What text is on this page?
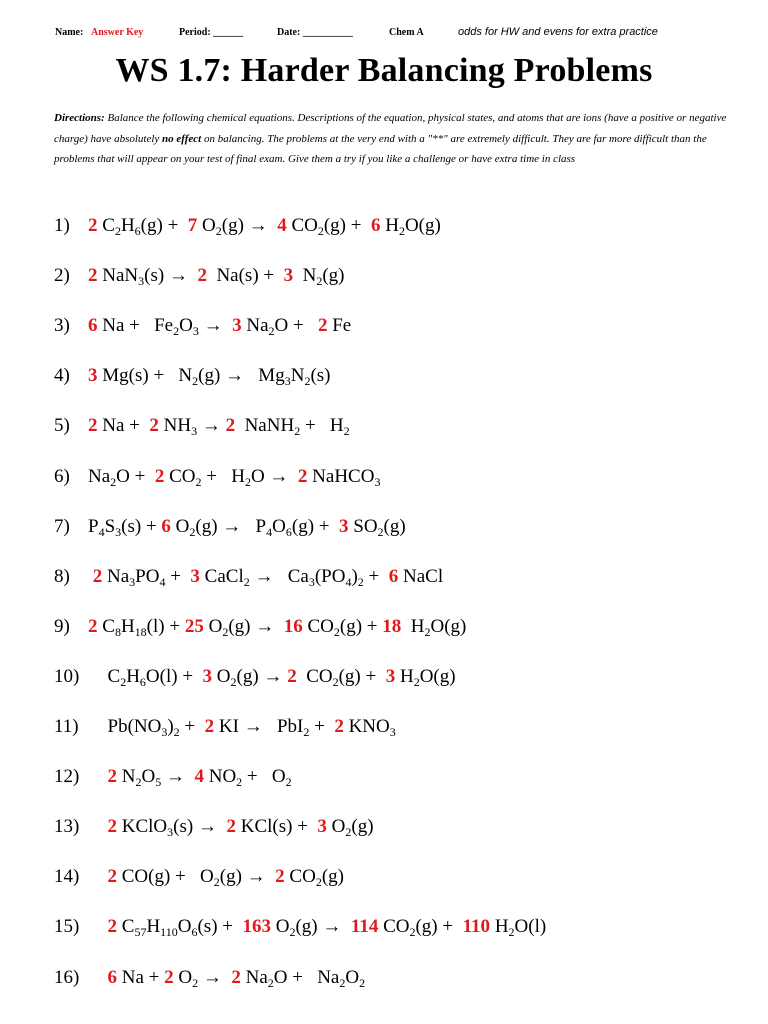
Name: Answer Key	Period: ______	Date: __________	Chem A	odds for HW and evens for extra practice
WS 1.7: Harder Balancing Problems
Directions: Balance the following chemical equations. Descriptions of the equation, physical states, and atoms that are ions (have a positive or negative charge) have absolutely no effect on balancing. The problems at the very end with a "**" are extremely difficult. They are far more difficult than the problems that will appear on your test of final exam. Give them a try if you like a challenge or have extra time in class
1) 2 $C_2H_6(g) + 7$ $O_2(g) \to 4$ $CO_2(g) + 6$ $H_2O(g)$
2) 2 NaN$_3$(s) →  2  Na(s) +  3  $N_2(g)$
3) 6 $Na + Fe_2O_3 \to 3$ $Na_2O + 2$ Fe
4) 3 $Mg(s) + N_2(g) \to Mg_3N_2(s)$
5) 2 Na +  2 $NH_3 \to 2$  NaNH$_2$ +   $H_2$
6) $Na_2O + 2$ $CO_2 + H_2O \to 2$ NaHCO$_3$
7) $P_4S_3(s) + 6$ $O_2(g) \to P_4O_6(g) + 3$ $SO_2(g)$
8) 2 $Na_3PO_4 + 3$ CaCl$_2$ →   $Ca_3(PO_4)_2 + 6$ NaCl
9) 2 $C_8H_{18}(l) + 25$ $O_2(g) \to 16$ $CO_2(g) + 18$  $H_2O(g)$
10)  $C_2H_6O(l) + 3$ $O_2(g) \to 2$  $CO_2(g) + 3$ $H_2O(g)$
11)  $Pb(NO_3)_2 + 2$ KI →   PbI$_2$ +  2 $KNO_3$
12) 2 $N_2O_5 \to 4$ $NO_2 + O_2$
13) 2 KClO$_3$(s) →  2 KCl(s) +  3 $O_2(g)$
14) 2 $CO(g) + O_2(g) \to 2$ $CO_2(g)$
15) 2 $C_{57}H_{110}O_6(s) + 163$ $O_2(g) \to 114$ $CO_2(g) + 110$ $H_2O(l)$
16) 6 Na + 2 $O_2 \to 2$ $Na_2O + Na_2O_2$
